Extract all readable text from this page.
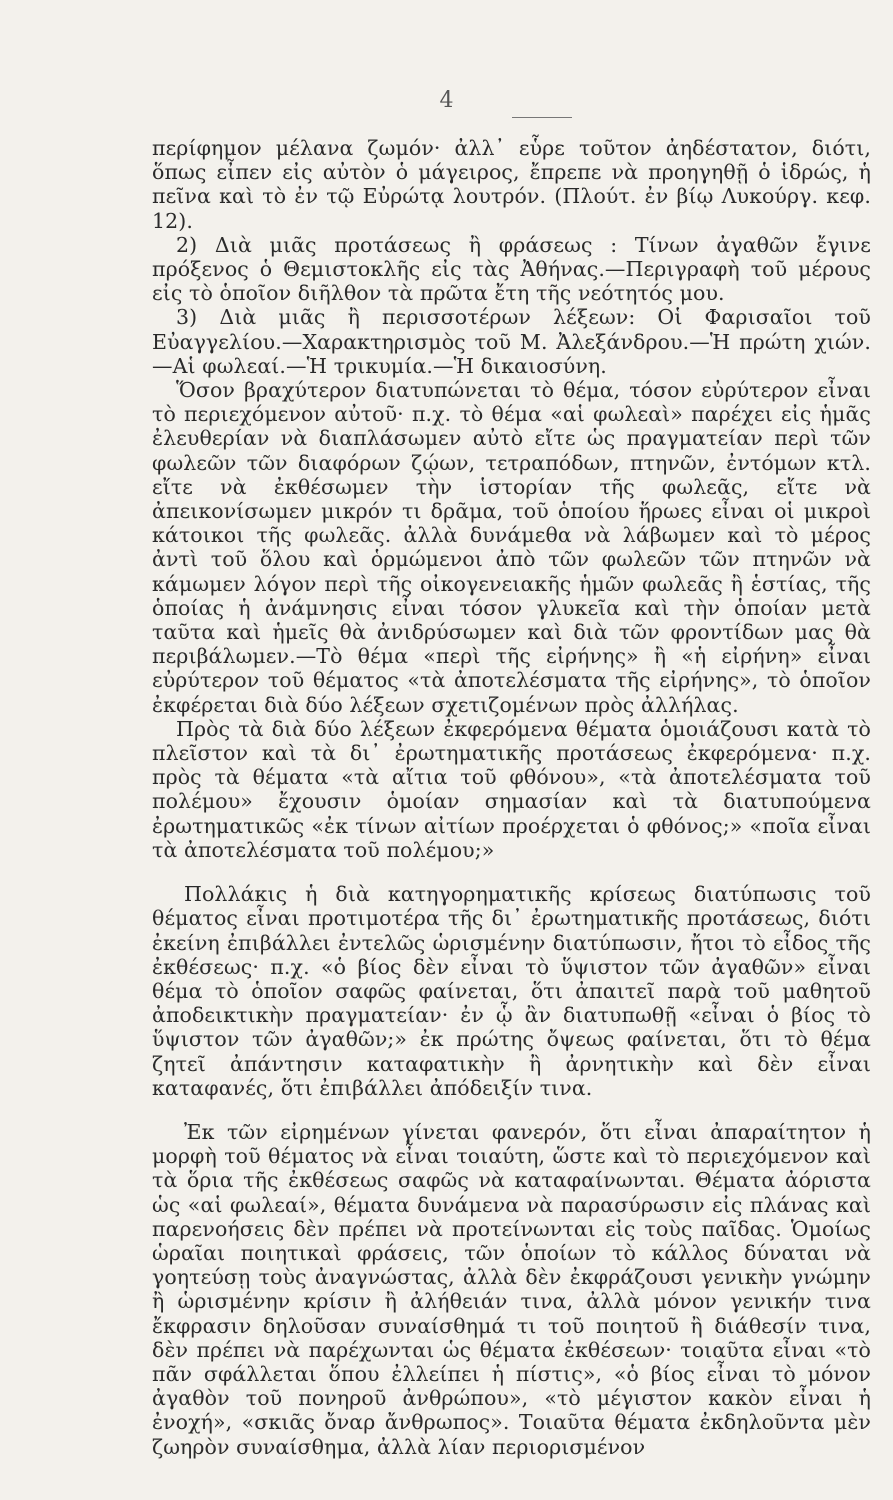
4

περίφημον μέλανα ζωμόν· ἀλλ᾽ εὗρε τοῦτον ἀηδέστατον, διότι, ὅπως εἶπεν εἰς αὐτὸν ὁ μάγειρος, ἔπρεπε νὰ προηγηθῇ ὁ ἱδρώς, ἡ πεῖνα καὶ τὸ ἐν τῷ Εὐρώτᾳ λουτρόν. (Πλούτ. ἐν βίῳ Λυκούργ. κεφ. 12).

2) Διὰ μιᾶς προτάσεως ἢ φράσεως : Τίνων ἀγαθῶν ἔγινε πρόξενος ὁ Θεμιστοκλῆς εἰς τὰς Ἀθήνας.—Περιγραφὴ τοῦ μέρους εἰς τὸ ὁποῖον διῆλθον τὰ πρῶτα ἔτη τῆς νεότητός μου.

3) Διὰ μιᾶς ἢ περισσοτέρων λέξεων: Οἱ Φαρισαῖοι τοῦ Εὐαγγελίου.—Χαρακτηρισμὸς τοῦ Μ. Ἀλεξάνδρου.—Ἡ πρώτη χιών.—Αἱ φωλεαί.—Ἡ τρικυμία.—Ἡ δικαιοσύνη.

Ὅσον βραχύτερον διατυπώνεται τὸ θέμα, τόσον εὐρύτερον εἶναι τὸ περιεχόμενον αὐτοῦ· π.χ. τὸ θέμα «αἱ φωλεαὶ» παρέχει εἰς ἡμᾶς ἐλευθερίαν νὰ διαπλάσωμεν αὐτὸ εἴτε ὡς πραγματείαν περὶ τῶν φωλεῶν τῶν διαφόρων ζῴων, τετραπόδων, πτηνῶν, ἐντόμων κτλ. εἴτε νὰ ἐκθέσωμεν τὴν ἱστορίαν τῆς φωλεᾶς, εἴτε νὰ ἀπεικονίσωμεν μικρόν τι δρᾶμα, τοῦ ὁποίου ἥρωες εἶναι οἱ μικροὶ κάτοικοι τῆς φωλεᾶς. ἀλλὰ δυνάμεθα νὰ λάβωμεν καὶ τὸ μέρος ἀντὶ τοῦ ὅλου καὶ ὁρμώμενοι ἀπὸ τῶν φωλεῶν τῶν πτηνῶν νὰ κάμωμεν λόγον περὶ τῆς οἰκογενειακῆς ἡμῶν φωλεᾶς ἢ ἑστίας, τῆς ὁποίας ἡ ἀνάμνησις εἶναι τόσον γλυκεῖα καὶ τὴν ὁποίαν μετὰ ταῦτα καὶ ἡμεῖς θὰ ἀνιδρύσωμεν καὶ διὰ τῶν φροντίδων μας θὰ περιβάλωμεν.—Τὸ θέμα «περὶ τῆς εἰρήνης» ἢ «ἡ εἰρήνη» εἶναι εὐρύτερον τοῦ θέματος «τὰ ἀποτελέσματα τῆς εἰρήνης», τὸ ὁποῖον ἐκφέρεται διὰ δύο λέξεων σχετιζομένων πρὸς ἀλλήλας.

Πρὸς τὰ διὰ δύο λέξεων ἐκφερόμενα θέματα ὁμοιάζουσι κατὰ τὸ πλεῖστον καὶ τὰ δι᾽ ἐρωτηματικῆς προτάσεως ἐκφερόμενα· π.χ. πρὸς τὰ θέματα «τὰ αἴτια τοῦ φθόνου», «τὰ ἀποτελέσματα τοῦ πολέμου» ἔχουσιν ὁμοίαν σημασίαν καὶ τὰ διατυπούμενα ἐρωτηματικῶς «ἐκ τίνων αἰτίων προέρχεται ὁ φθόνος;» «ποῖα εἶναι τὰ ἀποτελέσματα τοῦ πολέμου;»

Πολλάκις ἡ διὰ κατηγορηματικῆς κρίσεως διατύπωσις τοῦ θέματος εἶναι προτιμοτέρα τῆς δι᾽ ἐρωτηματικῆς προτάσεως, διότι ἐκείνη ἐπιβάλλει ἐντελῶς ὡρισμένην διατύπωσιν, ἤτοι τὸ εἶδος τῆς ἐκθέσεως· π.χ. «ὁ βίος δὲν εἶναι τὸ ὕψιστον τῶν ἀγαθῶν» εἶναι θέμα τὸ ὁποῖον σαφῶς φαίνεται, ὅτι ἀπαιτεῖ παρὰ τοῦ μαθητοῦ ἀποδεικτικὴν πραγματείαν· ἐν ᾧ ἂν διατυπωθῇ «εἶναι ὁ βίος τὸ ὕψιστον τῶν ἀγαθῶν;» ἐκ πρώτης ὄψεως φαίνεται, ὅτι τὸ θέμα ζητεῖ ἀπάντησιν καταφατικὴν ἢ ἀρνητικὴν καὶ δὲν εἶναι καταφανές, ὅτι ἐπιβάλλει ἀπόδειξίν τινα.

Ἐκ τῶν εἰρημένων γίνεται φανερόν, ὅτι εἶναι ἀπαραίτητον ἡ μορφὴ τοῦ θέματος νὰ εἶναι τοιαύτη, ὥστε καὶ τὸ περιεχόμενον καὶ τὰ ὅρια τῆς ἐκθέσεως σαφῶς νὰ καταφαίνωνται. Θέματα ἀόριστα ὡς «αἱ φωλεαί», θέματα δυνάμενα νὰ παρασύρωσιν εἰς πλάνας καὶ παρενοήσεις δὲν πρέπει νὰ προτείνωνται εἰς τοὺς παῖδας. Ὁμοίως ὡραῖαι ποιητικαὶ φράσεις, τῶν ὁποίων τὸ κάλλος δύναται νὰ γοητεύσῃ τοὺς ἀναγνώστας, ἀλλὰ δὲν ἐκφράζουσι γενικὴν γνώμην ἢ ὡρισμένην κρίσιν ἢ ἀλήθειάν τινα, ἀλλὰ μόνον γενικήν τινα ἔκφρασιν δηλοῦσαν συναίσθημά τι τοῦ ποιητοῦ ἢ διάθεσίν τινα, δὲν πρέπει νὰ παρέχωνται ὡς θέματα ἐκθέσεων· τοιαῦτα εἶναι «τὸ πᾶν σφάλλεται ὅπου ἐλλείπει ἡ πίστις», «ὁ βίος εἶναι τὸ μόνον ἀγαθὸν τοῦ πονηροῦ ἀνθρώπου», «τὸ μέγιστον κακὸν εἶναι ἡ ἐνοχή», «σκιᾶς ὄναρ ἄνθρωπος». Τοιαῦτα θέματα ἐκδηλοῦντα μὲν ζωηρὸν συναίσθημα, ἀλλὰ λίαν περιορισμένον
